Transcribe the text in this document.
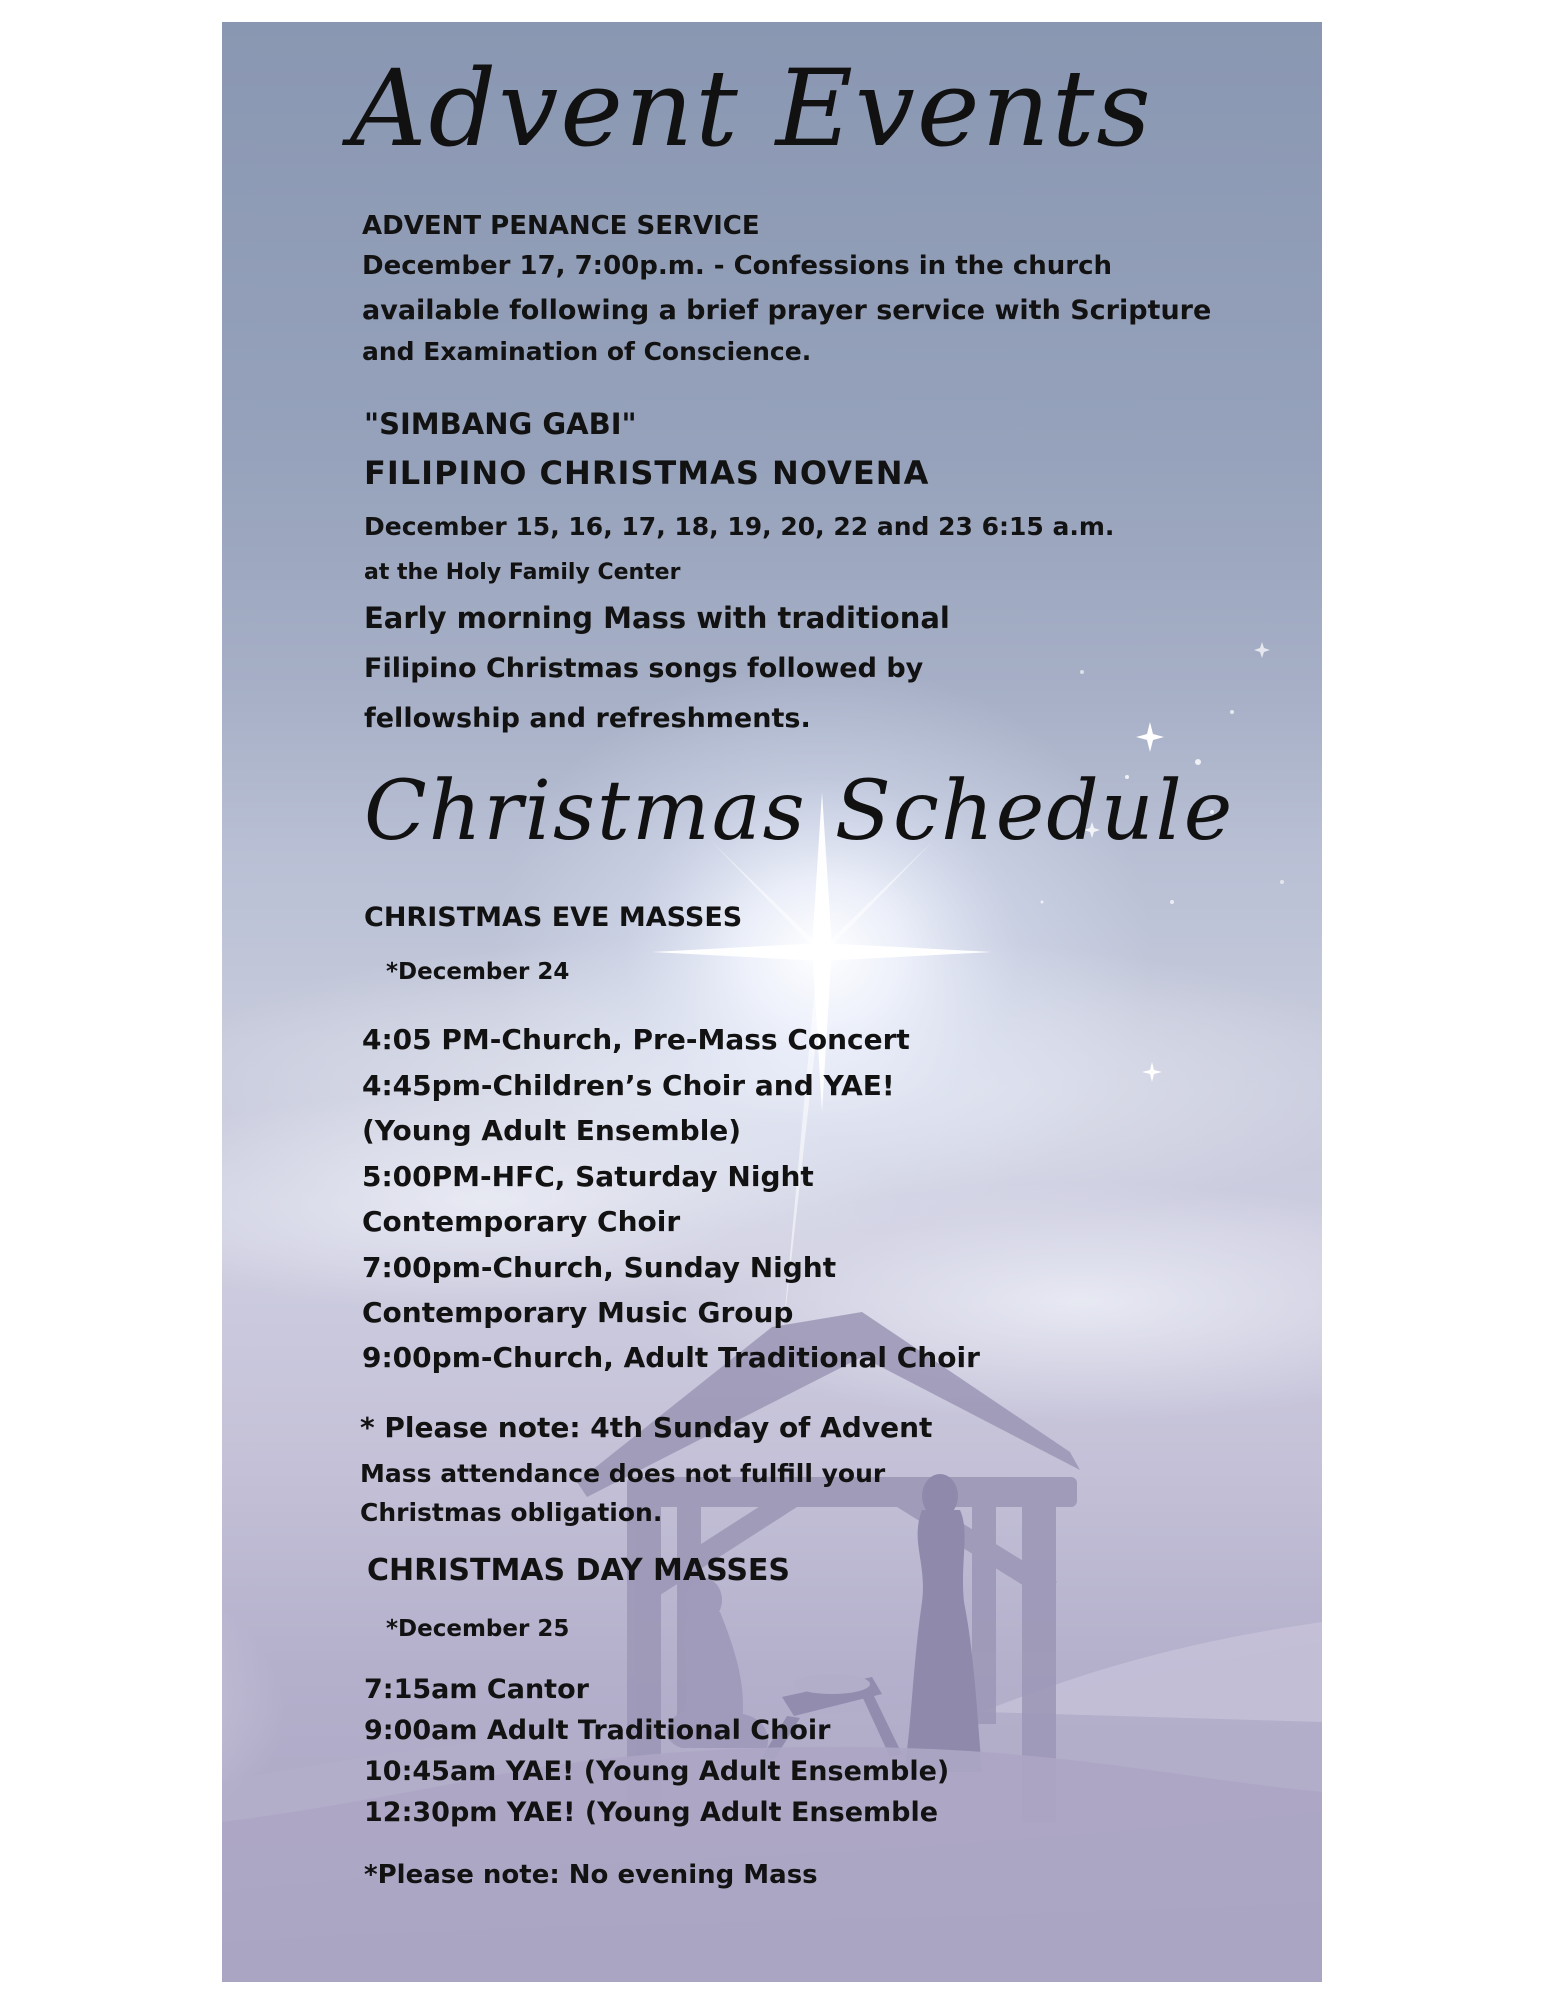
Advent Events

ADVENT PENANCE SERVICE

December 17, 7:00p.m. - Confessions in the church

available following a brief prayer service with Scripture

and Examination of Conscience.

"SIMBANG GABI"

FILIPINO CHRISTMAS NOVENA

December 15, 16, 17, 18, 19, 20, 22 and 23 6:15 a.m.

at the Holy Family Center

Early morning Mass with traditional

Filipino Christmas songs followed by

fellowship and refreshments.

Christmas Schedule

CHRISTMAS EVE MASSES

*December 24

4:05 PM-Church, Pre-Mass Concert

4:45pm-Children’s Choir and YAE!

(Young Adult Ensemble)

5:00PM-HFC, Saturday Night

Contemporary Choir

7:00pm-Church, Sunday Night

Contemporary Music Group

9:00pm-Church, Adult Traditional Choir

* Please note: 4th Sunday of Advent

Mass attendance does not fulfill your

Christmas obligation.

CHRISTMAS DAY MASSES

*December 25

7:15am Cantor

9:00am Adult Traditional Choir

10:45am YAE! (Young Adult Ensemble)

12:30pm YAE! (Young Adult Ensemble

*Please note: No evening Mass
